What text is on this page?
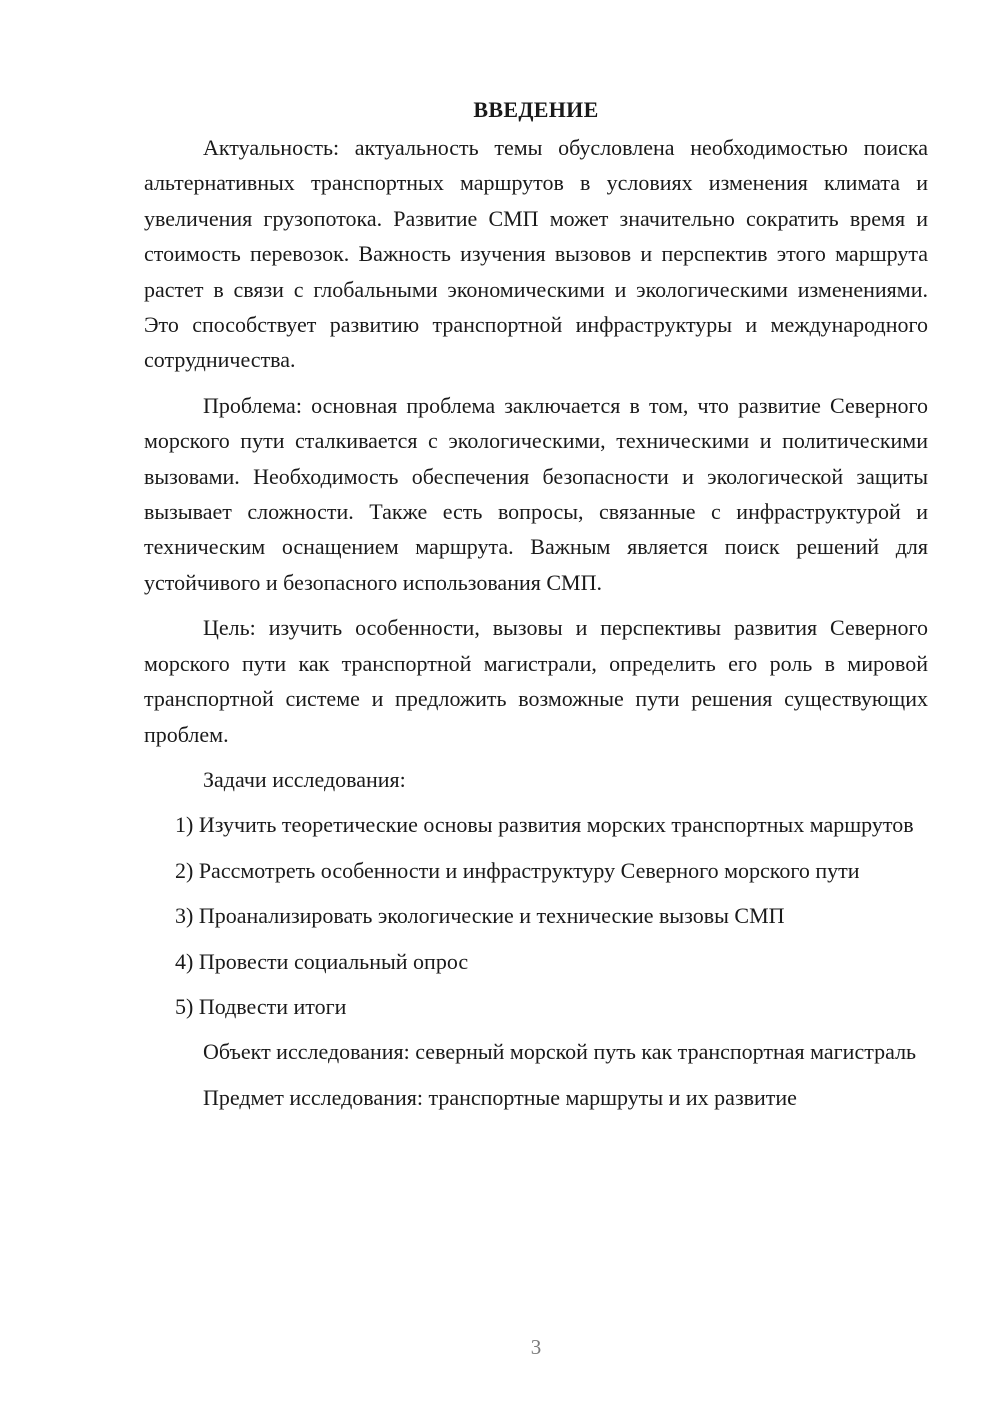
ВВЕДЕНИЕ

Актуальность: актуальность темы обусловлена необходимостью поиска альтернативных транспортных маршрутов в условиях изменения климата и увеличения грузопотока. Развитие СМП может значительно сократить время и стоимость перевозок. Важность изучения вызовов и перспектив этого маршрута растет в связи с глобальными экономическими и экологическими изменениями. Это способствует развитию транспортной инфраструктуры и международного сотрудничества.

Проблема: основная проблема заключается в том, что развитие Северного морского пути сталкивается с экологическими, техническими и политическими вызовами. Необходимость обеспечения безопасности и экологической защиты вызывает сложности. Также есть вопросы, связанные с инфраструктурой и техническим оснащением маршрута. Важным является поиск решений для устойчивого и безопасного использования СМП.

Цель: изучить особенности, вызовы и перспективы развития Северного морского пути как транспортной магистрали, определить его роль в мировой транспортной системе и предложить возможные пути решения существующих проблем.

Задачи исследования:

1) Изучить теоретические основы развития морских транспортных маршрутов

2) Рассмотреть особенности и инфраструктуру Северного морского пути

3) Проанализировать экологические и технические вызовы СМП

4) Провести социальный опрос

5) Подвести итоги

Объект исследования: северный морской путь как транспортная магистраль

Предмет исследования: транспортные маршруты и их развитие

3
